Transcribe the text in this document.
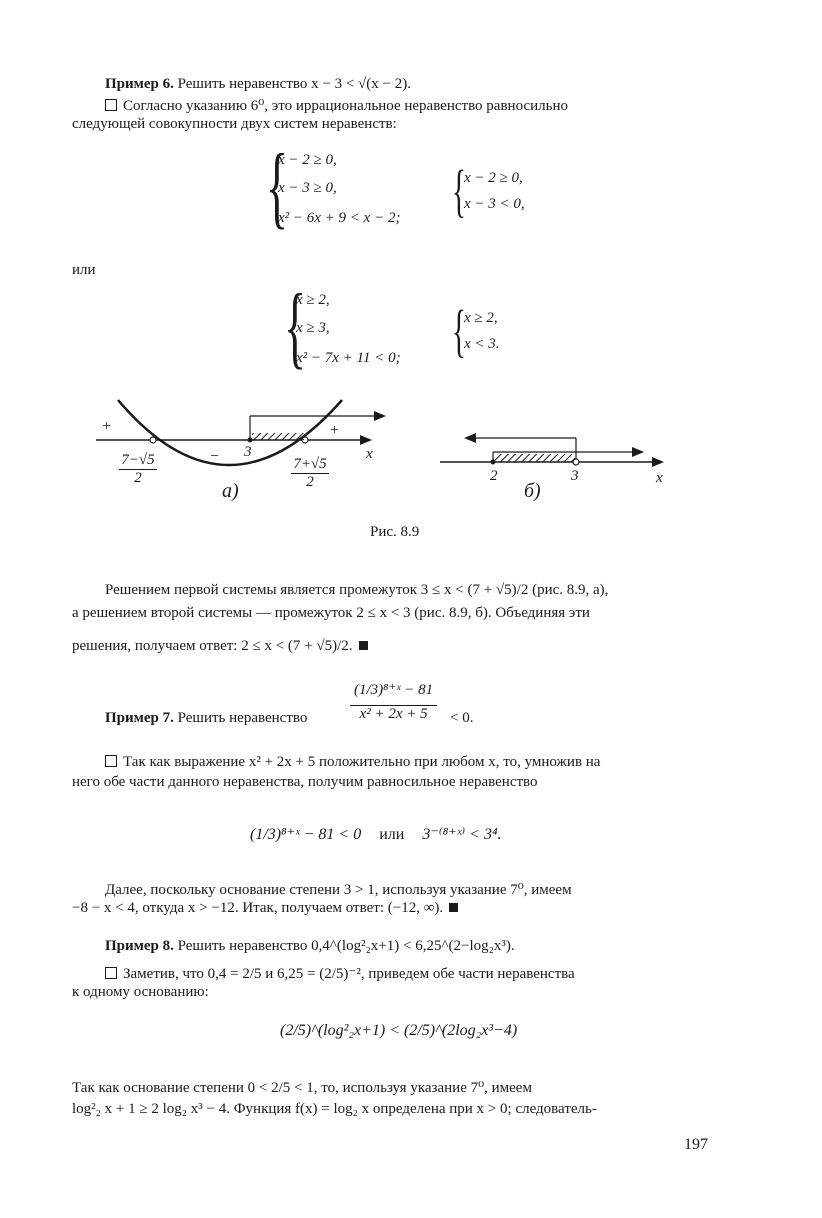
Пример 6. Решить неравенство x − 3 < √(x − 2).
Согласно указанию 6⁰, это иррациональное неравенство равносильно
следующей совокупности двух систем неравенств:
{
x − 2 ≥ 0,
x − 3 ≥ 0,
x² − 6x + 9 < x − 2; {
x − 2 ≥ 0,
x − 3 < 0,
или
{
x ≥ 2,
x ≥ 3,
x² − 7x + 11 < 0; {
x ≥ 2,
x < 3.
+
−
+
3	x
$\frac{7-√5}{2}$	$\frac{7+√5}{2}$
а)
2	3	x
б)
Рис. 8.9
Решением первой системы является промежуток 3 ≤ x < (7 + √5)/2 (рис. 8.9, а),
а решением второй системы — промежуток 2 ≤ x < 3 (рис. 8.9, б). Объединяя эти
решения, получаем ответ: 2 ≤ x < (7 + √5)/2.
Пример 7. Решить неравенство	$\frac{\text{(1/3)⁸⁺ˣ − 81}}{\text{x² + 2x + 5}} < 0$.
Так как выражение x² + 2x + 5 положительно при любом x, то, умножив на
него обе части данного неравенства, получим равносильное неравенство
(1/3)⁸⁺ˣ − 81 < 0 или 3⁻⁽⁸⁺ˣ⁾ < 3⁴.
Далее, поскольку основание степени 3 > 1, используя указание 7⁰, имеем
−8 − x < 4, откуда x > −12. Итак, получаем ответ: (−12, ∞).
Пример 8. Решить неравенство 0,4^(log²₂x+1) < 6,25^(2−log₂x³).
Заметив, что 0,4 = 2/5 и 6,25 = (2/5)⁻², приведем обе части неравенства
к одному основанию:
(2/5)^(log²₂x+1) < (2/5)^(2log₂x³−4)
Так как основание степени 0 < 2/5 < 1, то, используя указание 7⁰, имеем
log²₂ x + 1 ≥ 2 log₂ x³ − 4. Функция f(x) = log₂ x определена при x > 0; следователь-
197
